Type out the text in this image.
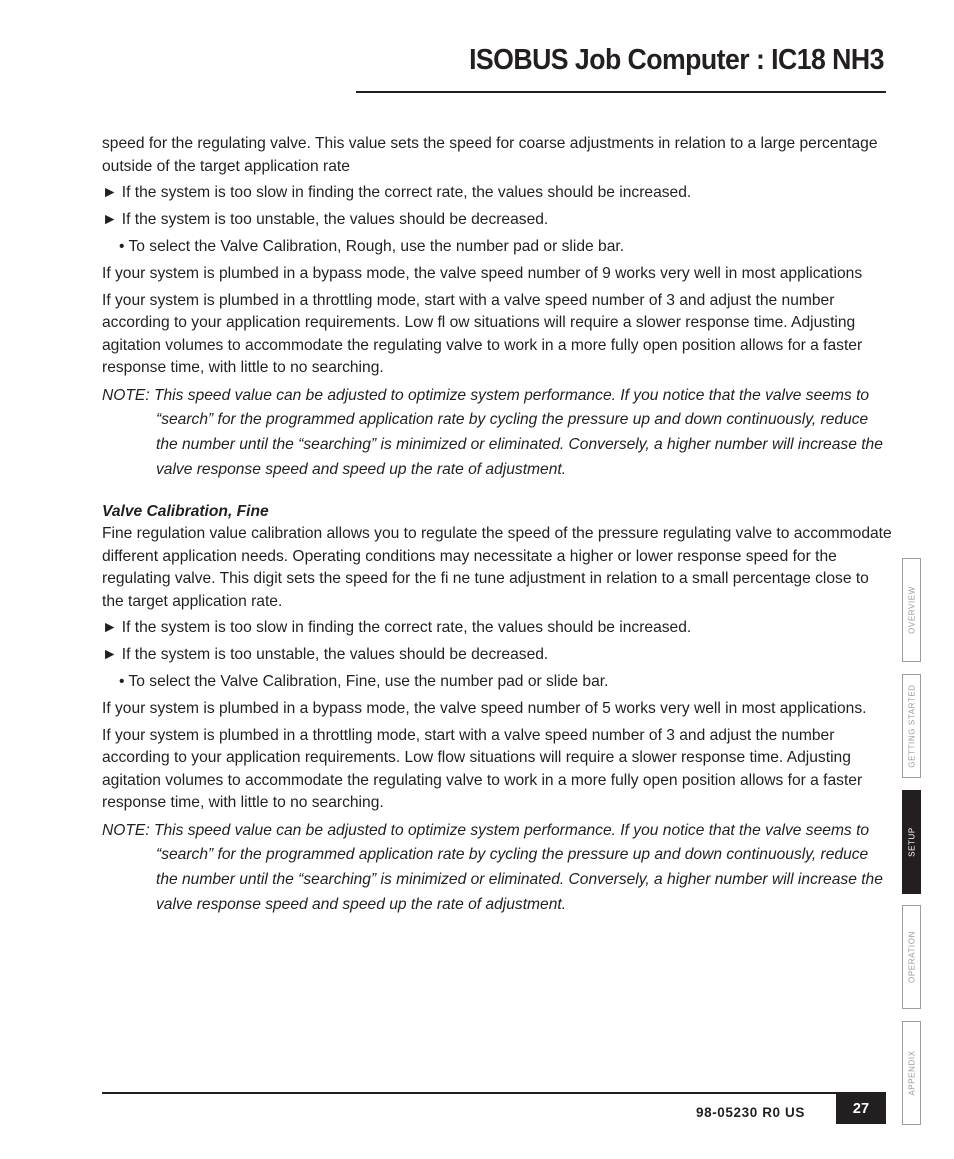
ISOBUS Job Computer : IC18 NH3

speed for the regulating valve. This value sets the speed for coarse adjustments in relation to a large percentage outside of the target application rate

► If the system is too slow in finding the correct rate, the values should be increased.

► If the system is too unstable, the values should be decreased.

• To select the Valve Calibration, Rough, use the number pad or slide bar.

If your system is plumbed in a bypass mode, the valve speed number of 9 works very well in most applications

If your system is plumbed in a throttling mode, start with a valve speed number of 3 and adjust the number according to your application requirements. Low fl ow situations will require a slower response time. Adjusting agitation volumes to accommodate the regulating valve to work in a more fully open position allows for a faster response time, with little to no searching.

NOTE: This speed value can be adjusted to optimize system performance. If you notice that the valve seems to “search” for the programmed application rate by cycling the pressure up and down continuously, reduce the number until the “searching” is minimized or eliminated. Conversely, a higher number will increase the valve response speed and speed up the rate of adjustment.

Valve Calibration, Fine

Fine regulation value calibration allows you to regulate the speed of the pressure regulating valve to accommodate different application needs. Operating conditions may necessitate a higher or lower response speed for the regulating valve. This digit sets the speed for the fi ne tune adjustment in relation to a small percentage close to the target application rate.

► If the system is too slow in finding the correct rate, the values should be increased.

► If the system is too unstable, the values should be decreased.

• To select the Valve Calibration, Fine, use the number pad or slide bar.

If your system is plumbed in a bypass mode, the valve speed number of 5 works very well in most applications.

If your system is plumbed in a throttling mode, start with a valve speed number of 3 and adjust the number according to your application requirements. Low flow situations will require a slower response time. Adjusting agitation volumes to accommodate the regulating valve to work in a more fully open position allows for a faster response time, with little to no searching.

NOTE: This speed value can be adjusted to optimize system performance. If you notice that the valve seems to “search” for the programmed application rate by cycling the pressure up and down continuously, reduce the number until the “searching” is minimized or eliminated. Conversely, a higher number will increase the valve response speed and speed up the rate of adjustment.

OVERVIEW
GETTING STARTED
SETUP
OPERATION
APPENDIX
98-05230 R0 US	27
